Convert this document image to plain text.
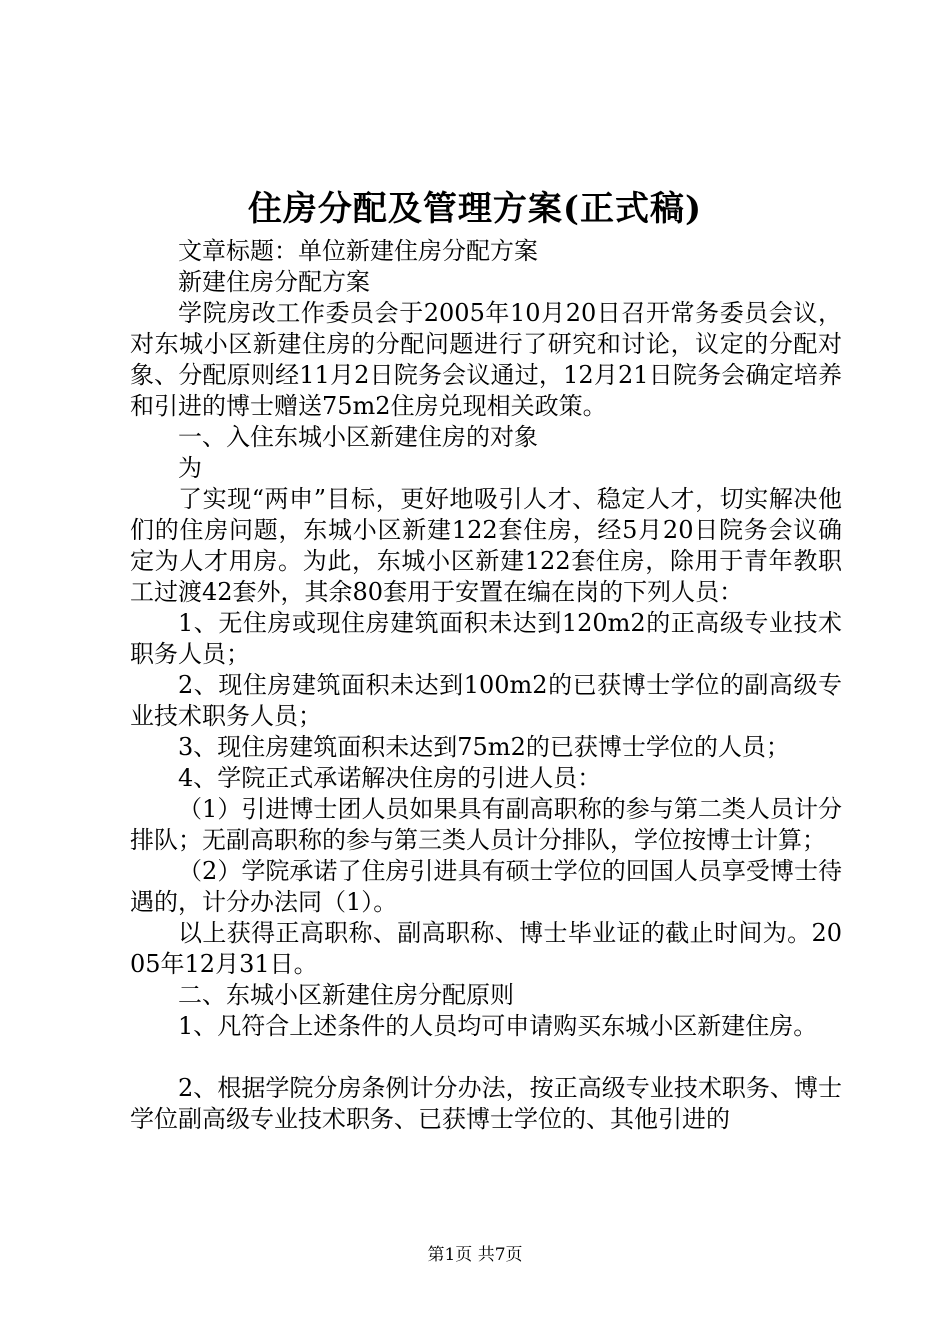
住房分配及管理方案(正式稿)

文章标题：单位新建住房分配方案

新建住房分配方案

学院房改工作委员会于2005年10月20日召开常务委员会议，对东城小区新建住房的分配问题进行了研究和讨论，议定的分配对象、分配原则经11月2日院务会议通过，12月21日院务会确定培养和引进的博士赠送75m2住房兑现相关政策。

一、入住东城小区新建住房的对象

为

了实现“两申”目标，更好地吸引人才、稳定人才，切实解决他们的住房问题，东城小区新建122套住房，经5月20日院务会议确定为人才用房。为此，东城小区新建122套住房，除用于青年教职工过渡42套外，其余80套用于安置在编在岗的下列人员：

1、无住房或现住房建筑面积未达到120m2的正高级专业技术职务人员；

2、现住房建筑面积未达到100m2的已获博士学位的副高级专业技术职务人员；

3、现住房建筑面积未达到75m2的已获博士学位的人员；

4、学院正式承诺解决住房的引进人员：

（1）引进博士团人员如果具有副高职称的参与第二类人员计分排队；无副高职称的参与第三类人员计分排队，学位按博士计算；

（2）学院承诺了住房引进具有硕士学位的回国人员享受博士待遇的，计分办法同（1）。

以上获得正高职称、副高职称、博士毕业证的截止时间为。2005年12月31日。

二、东城小区新建住房分配原则

1、凡符合上述条件的人员均可申请购买东城小区新建住房。

2、根据学院分房条例计分办法，按正高级专业技术职务、博士学位副高级专业技术职务、已获博士学位的、其他引进的

第1页 共7页
